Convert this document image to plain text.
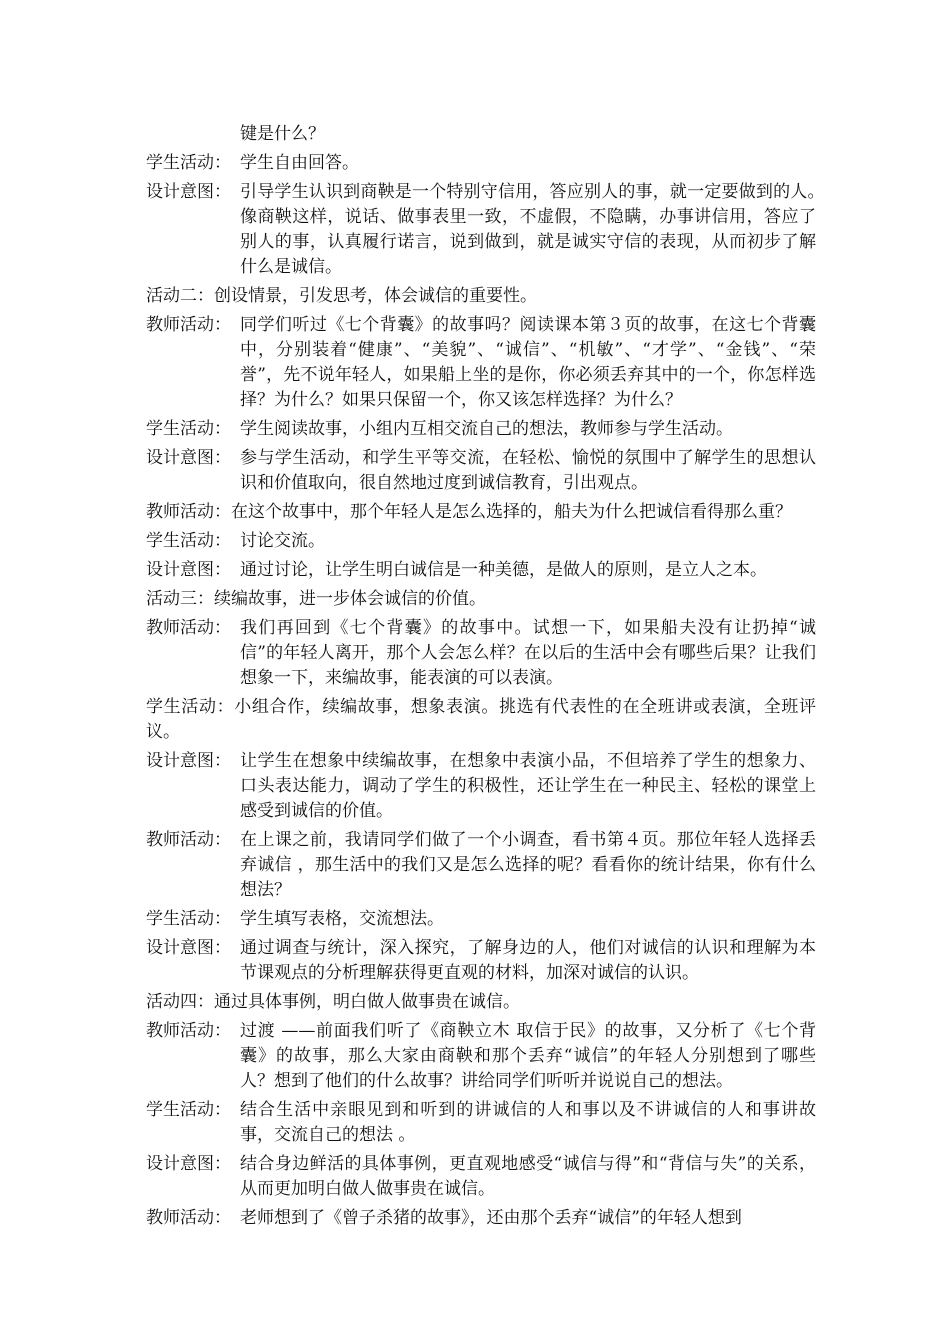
键是什么？
学生活动： 学生自由回答。
设计意图： 引导学生认识到商鞅是一个特别守信用，答应别人的事，就一定要做到的人。　　像商鞅这样，说话、做事表里一致，不虚假，不隐瞒，办事讲信用，答应了别人的事，认真履行诺言，说到做到，就是诚实守信的表现，从而初步了解什么是诚信。
活动二：创设情景，引发思考，体会诚信的重要性。
教师活动： 同学们听过《七个背囊》的故事吗？阅读课本第３页的故事，在这七个背囊中，分别装着“健康”、“美貌”、“诚信”、“机敏”、“才学”、“金钱”、“荣誉”，先不说年轻人，如果船上坐的是你，你必须丢弃其中的一个，你怎样选择？为什么？如果只保留一个，你又该怎样选择？为什么？
学生活动： 学生阅读故事，小组内互相交流自己的想法，教师参与学生活动。
设计意图： 参与学生活动，和学生平等交流，在轻松、愉悦的氛围中了解学生的思想认识和价值取向，很自然地过度到诚信教育，引出观点。
教师活动：在这个故事中，那个年轻人是怎么选择的，船夫为什么把诚信看得那么重？
学生活动： 讨论交流。
设计意图： 通过讨论，让学生明白诚信是一种美德，是做人的原则，是立人之本。
活动三：续编故事，进一步体会诚信的价值。
教师活动： 我们再回到《七个背囊》的故事中。试想一下，如果船夫没有让扔掉“诚信”的年轻人离开，那个人会怎么样？在以后的生活中会有哪些后果？让我们想象一下，来编故事，能表演的可以表演。
学生活动：小组合作，续编故事，想象表演。挑选有代表性的在全班讲或表演，全班评议。
设计意图： 让学生在想象中续编故事，在想象中表演小品，不但培养了学生的想象力、口头表达能力，调动了学生的积极性，还让学生在一种民主、轻松的课堂上感受到诚信的价值。
教师活动： 在上课之前，我请同学们做了一个小调查，看书第４页。那位年轻人选择丢弃诚信 ，那生活中的我们又是怎么选择的呢？看看你的统计结果，你有什么想法？
学生活动： 学生填写表格，交流想法。
设计意图： 通过调查与统计，深入探究，了解身边的人，他们对诚信的认识和理解为本节课观点的分析理解获得更直观的材料，加深对诚信的认识。
活动四：通过具体事例，明白做人做事贵在诚信。
教师活动： 过渡 ——前面我们听了《商鞅立木 取信于民》的故事，又分析了《七个背囊》的故事，那么大家由商鞅和那个丢弃“诚信”的年轻人分别想到了哪些人？想到了他们的什么故事？讲给同学们听听并说说自己的想法。
学生活动： 结合生活中亲眼见到和听到的讲诚信的人和事以及不讲诚信的人和事讲故事，交流自己的想法 。
设计意图： 结合身边鲜活的具体事例，更直观地感受“诚信与得”和“背信与失”的关系，从而更加明白做人做事贵在诚信。
教师活动： 老师想到了《曾子杀猪的故事》，还由那个丢弃“诚信”的年轻人想到
